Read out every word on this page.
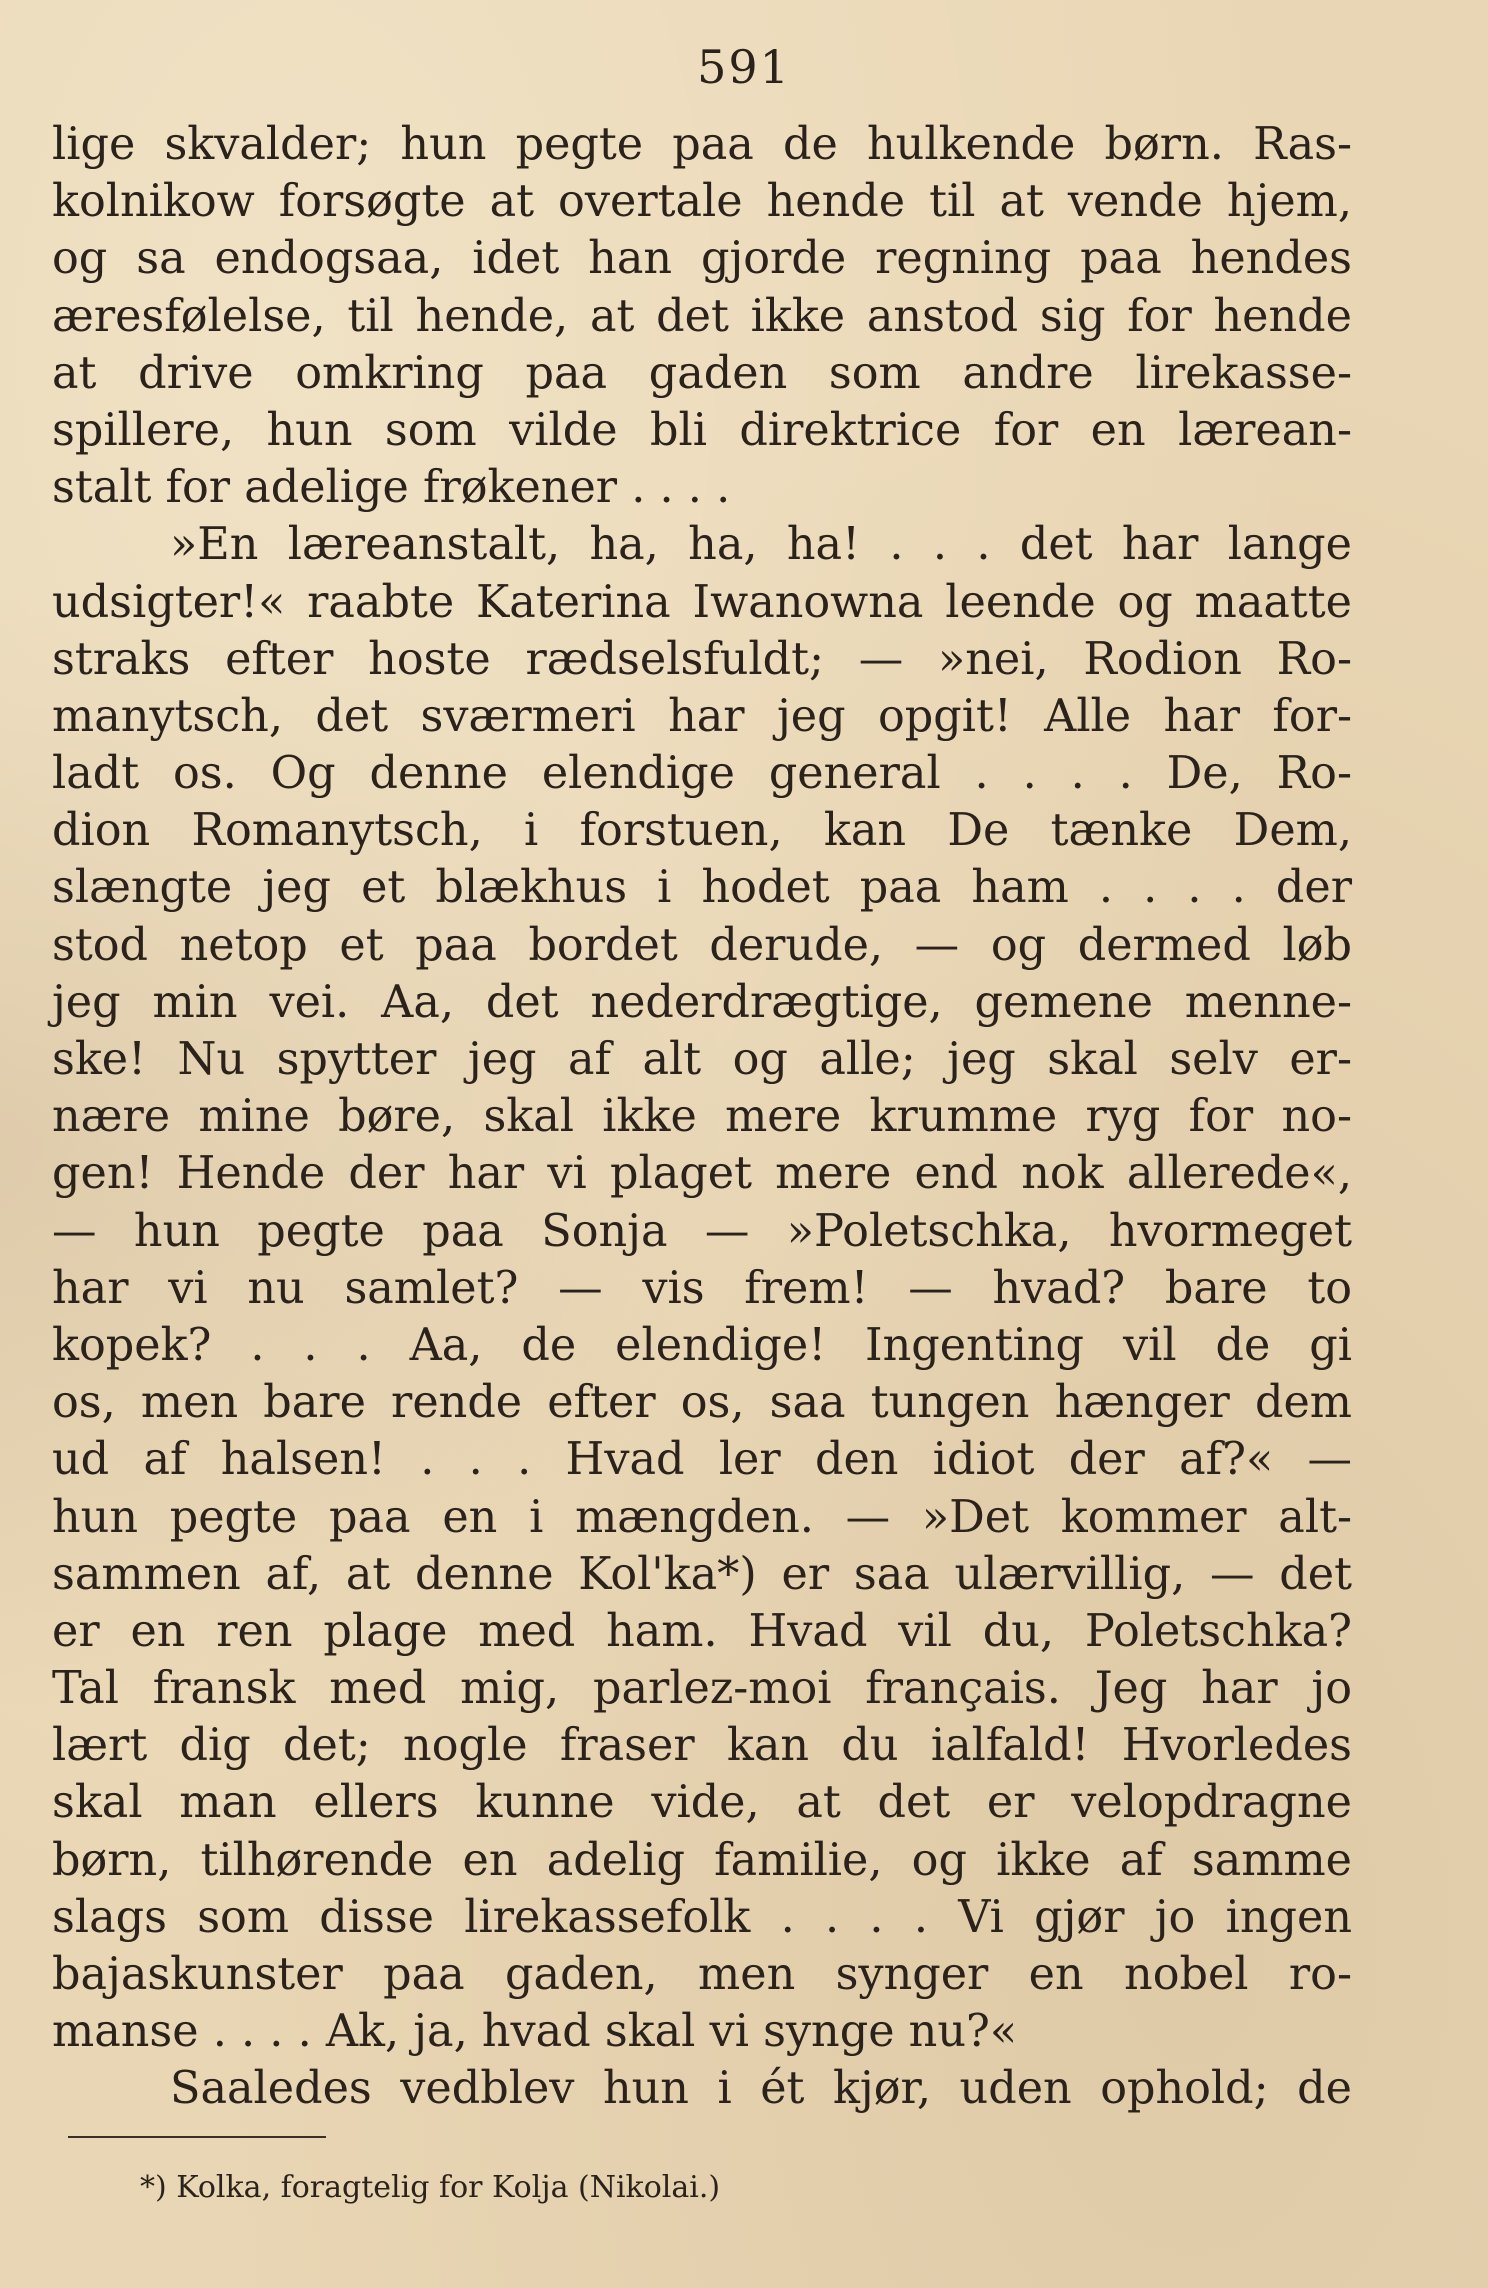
591
lige skvalder; hun pegte paa de hulkende børn. Ras-
kolnikow forsøgte at overtale hende til at vende hjem,
og sa endogsaa, idet han gjorde regning paa hendes
æresfølelse, til hende, at det ikke anstod sig for hende
at drive omkring paa gaden som andre lirekasse-
spillere, hun som vilde bli direktrice for en lærean-
stalt for adelige frøkener . . . .
»En læreanstalt, ha, ha, ha! . . . det har lange
udsigter!« raabte Katerina Iwanowna leende og maatte
straks efter hoste rædselsfuldt; — »nei, Rodion Ro-
manytsch, det sværmeri har jeg opgit! Alle har for-
ladt os. Og denne elendige general . . . . De, Ro-
dion Romanytsch, i forstuen, kan De tænke Dem,
slængte jeg et blækhus i hodet paa ham . . . . der
stod netop et paa bordet derude, — og dermed løb
jeg min vei. Aa, det nederdrægtige, gemene menne-
ske! Nu spytter jeg af alt og alle; jeg skal selv er-
nære mine børe, skal ikke mere krumme ryg for no-
gen! Hende der har vi plaget mere end nok allerede«,
— hun pegte paa Sonja — »Poletschka, hvormeget
har vi nu samlet? — vis frem! — hvad? bare to
kopek? . . . Aa, de elendige! Ingenting vil de gi
os, men bare rende efter os, saa tungen hænger dem
ud af halsen! . . . Hvad ler den idiot der af?« —
hun pegte paa en i mængden. — »Det kommer alt-
sammen af, at denne Kol'ka*) er saa ulærvillig, — det
er en ren plage med ham. Hvad vil du, Poletschka?
Tal fransk med mig, parlez-moi français. Jeg har jo
lært dig det; nogle fraser kan du ialfald! Hvorledes
skal man ellers kunne vide, at det er velopdragne
børn, tilhørende en adelig familie, og ikke af samme
slags som disse lirekassefolk . . . . Vi gjør jo ingen
bajaskunster paa gaden, men synger en nobel ro-
manse . . . . Ak, ja, hvad skal vi synge nu?«
Saaledes vedblev hun i ét kjør, uden ophold; de
*) Kolka, foragtelig for Kolja (Nikolai.)
